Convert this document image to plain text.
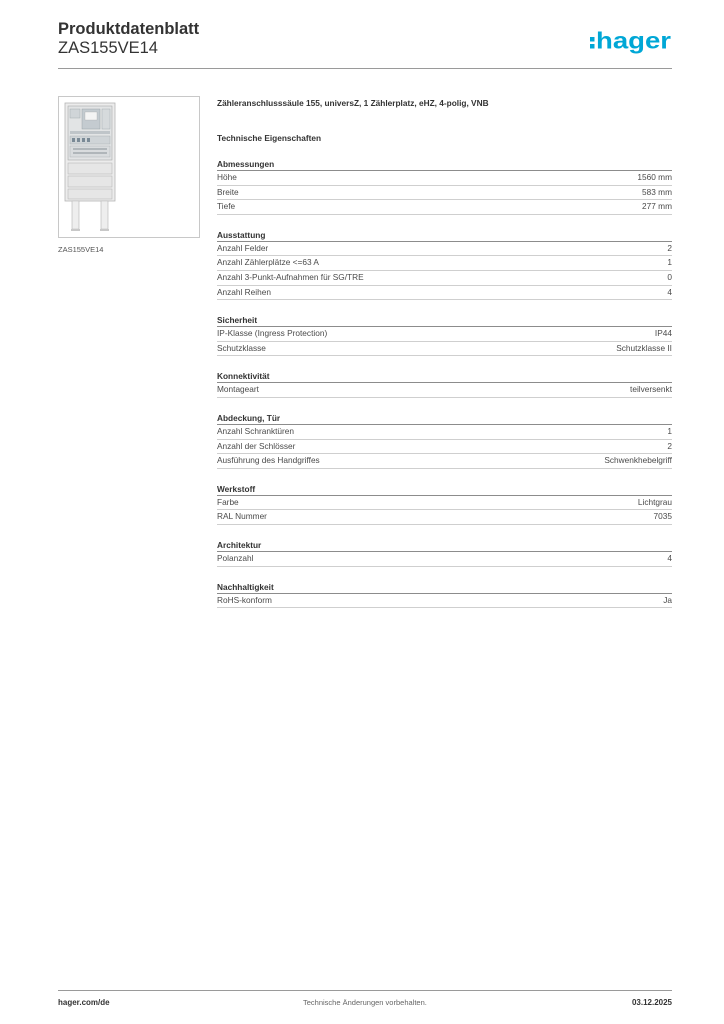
Produktdatenblatt
ZAS155VE14	hager
ZAS155VE14
Zähleranschlusssäule 155, universZ, 1 Zählerplatz, eHZ, 4-polig, VNB
Technische Eigenschaften
Abmessungen
Höhe	1560 mm
Breite	583 mm
Tiefe	277 mm
Ausstattung
Anzahl Felder	2
Anzahl Zählerplätze <=63 A	1
Anzahl 3-Punkt-Aufnahmen für SG/TRE	0
Anzahl Reihen	4
Sicherheit
IP-Klasse (Ingress Protection)	IP44
Schutzklasse	Schutzklasse II
Konnektivität
Montageart	teilversenkt
Abdeckung, Tür
Anzahl Schranktüren	1
Anzahl der Schlösser	2
Ausführung des Handgriffes	Schwenkhebelgriff
Werkstoff
Farbe	Lichtgrau
RAL Nummer	7035
Architektur
Polanzahl	4
Nachhaltigkeit
RoHS-konform	Ja
hager.com/de	Technische Änderungen vorbehalten.	03.12.2025
